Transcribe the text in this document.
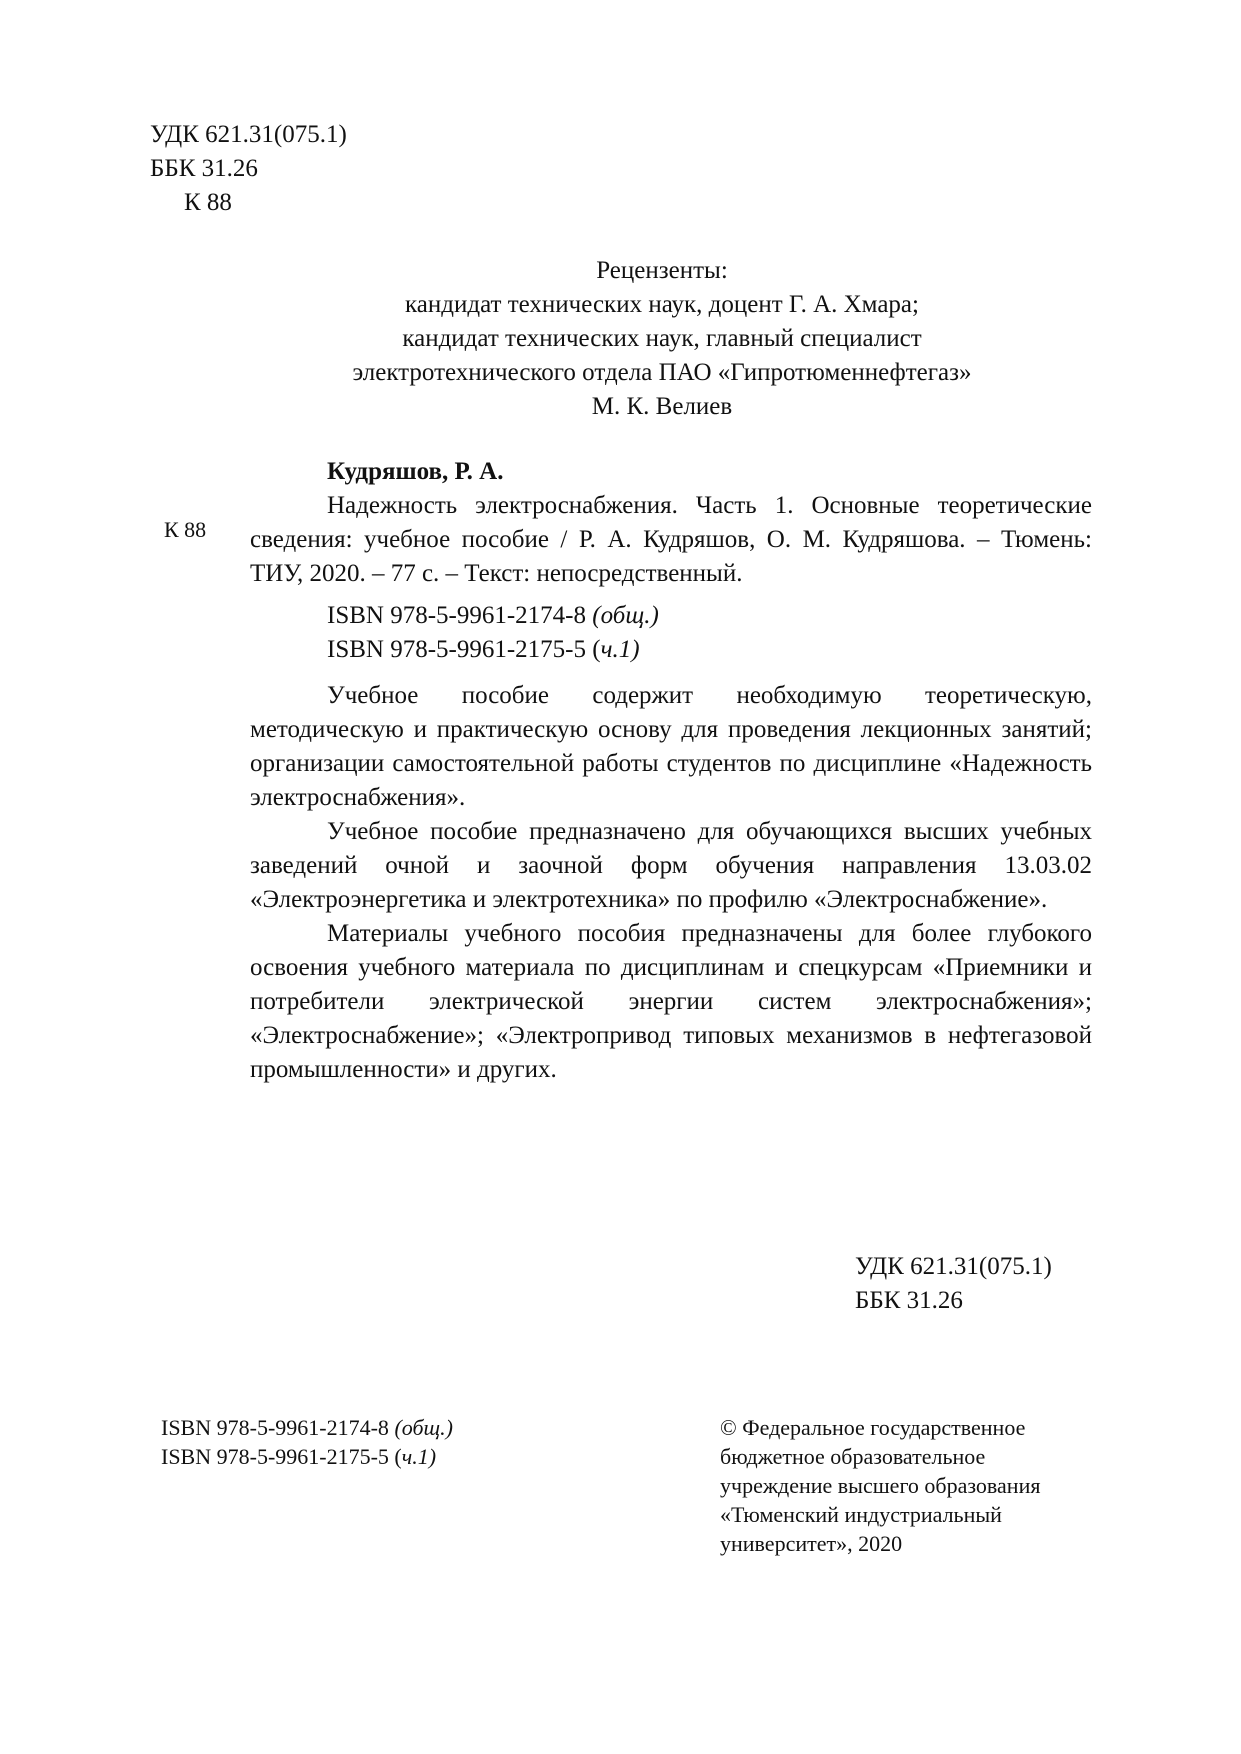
УДК 621.31(075.1)
ББК 31.26
К 88
Рецензенты:
кандидат технических наук, доцент Г. А. Хмара;
кандидат технических наук, главный специалист
электротехнического отдела ПАО «Гипротюменнефтегаз»
М. К. Велиев
К 88
Кудряшов, Р. А.
Надежность электроснабжения. Часть 1. Основные теоретические сведения: учебное пособие / Р. А. Кудряшов, О. М. Кудряшова. – Тюмень: ТИУ, 2020. – 77 с. – Текст: непосредственный.
ISBN 978-5-9961-2174-8 (общ.)
ISBN 978-5-9961-2175-5 (ч.1)

Учебное пособие содержит необходимую теоретическую, методическую и практическую основу для проведения лекционных занятий; организации самостоятельной работы студентов по дисциплине «Надежность электроснабжения».

Учебное пособие предназначено для обучающихся высших учебных заведений очной и заочной форм обучения направления 13.03.02 «Электроэнергетика и электротехника» по профилю «Электроснабжение».

Материалы учебного пособия предназначены для более глубокого освоения учебного материала по дисциплинам и спецкурсам «Приемники и потребители электрической энергии систем электроснабжения»; «Электроснабжение»; «Электропривод типовых механизмов в нефтегазовой промышленности» и других.

УДК 621.31(075.1)
ББК 31.26
ISBN 978-5-9961-2174-8 (общ.)
ISBN 978-5-9961-2175-5 (ч.1)
© Федеральное государственное
бюджетное образовательное
учреждение высшего образования
«Тюменский индустриальный
университет», 2020
